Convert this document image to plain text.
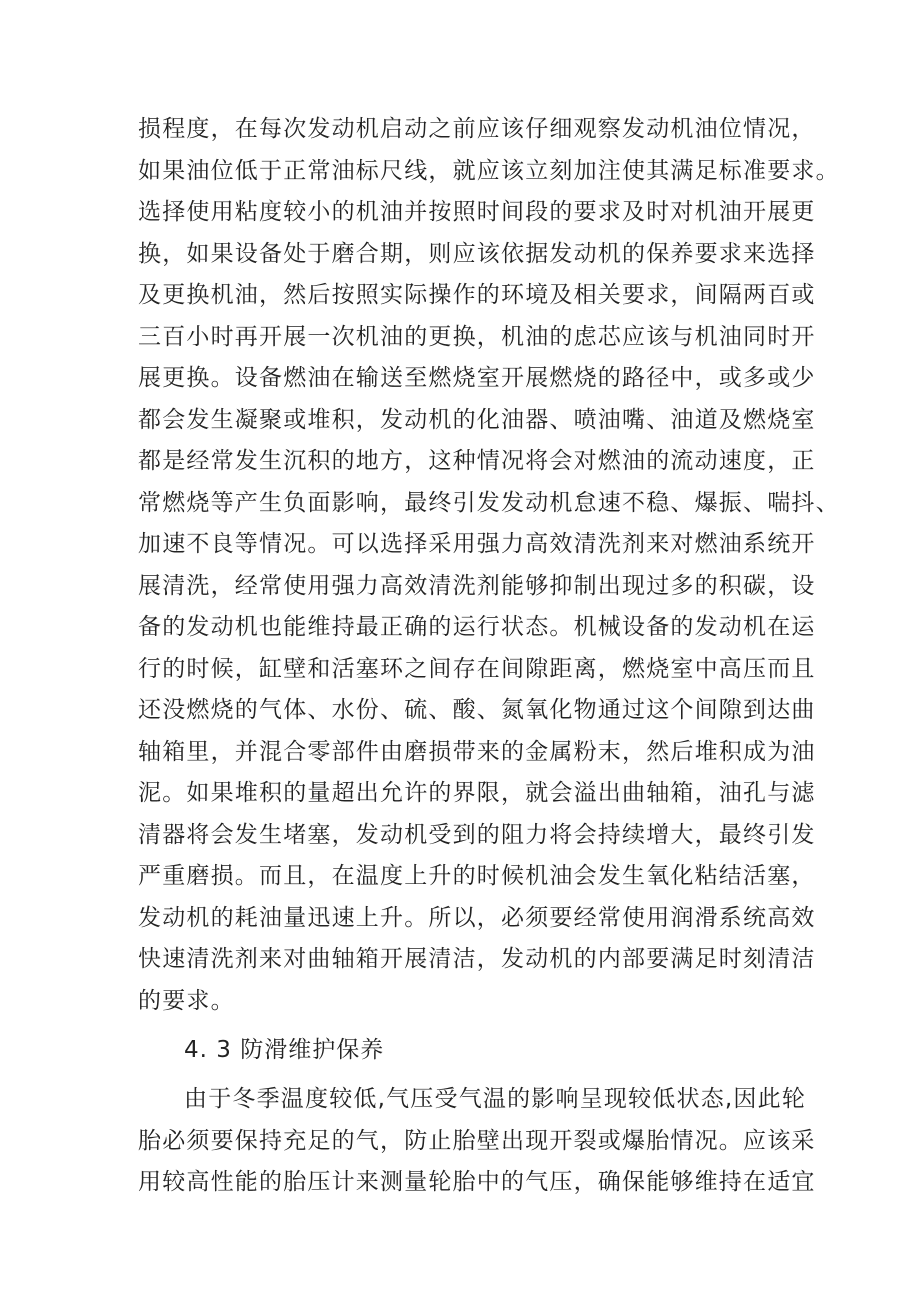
损程度，在每次发动机启动之前应该仔细观察发动机油位情况，
如果油位低于正常油标尺线，就应该立刻加注使其满足标准要求。
选择使用粘度较小的机油并按照时间段的要求及时对机油开展更
换，如果设备处于磨合期，则应该依据发动机的保养要求来选择
及更换机油，然后按照实际操作的环境及相关要求，间隔两百或
三百小时再开展一次机油的更换，机油的虑芯应该与机油同时开
展更换。设备燃油在输送至燃烧室开展燃烧的路径中，或多或少
都会发生凝聚或堆积，发动机的化油器、喷油嘴、油道及燃烧室
都是经常发生沉积的地方，这种情况将会对燃油的流动速度，正
常燃烧等产生负面影响，最终引发发动机怠速不稳、爆振、喘抖、
加速不良等情况。可以选择采用强力高效清洗剂来对燃油系统开
展清洗，经常使用强力高效清洗剂能够抑制出现过多的积碳，设
备的发动机也能维持最正确的运行状态。机械设备的发动机在运
行的时候，缸壁和活塞环之间存在间隙距离，燃烧室中高压而且
还没燃烧的气体、水份、硫、酸、氮氧化物通过这个间隙到达曲
轴箱里，并混合零部件由磨损带来的金属粉末，然后堆积成为油
泥。如果堆积的量超出允许的界限，就会溢出曲轴箱，油孔与滤
清器将会发生堵塞，发动机受到的阻力将会持续增大，最终引发
严重磨损。而且，在温度上升的时候机油会发生氧化粘结活塞，
发动机的耗油量迅速上升。所以，必须要经常使用润滑系统高效
快速清洗剂来对曲轴箱开展清洁，发动机的内部要满足时刻清洁
的要求。
4. 3 防滑维护保养
由于冬季温度较低,气压受气温的影响呈现较低状态,因此轮
胎必须要保持充足的气，防止胎壁出现开裂或爆胎情况。应该采
用较高性能的胎压计来测量轮胎中的气压，确保能够维持在适宜
